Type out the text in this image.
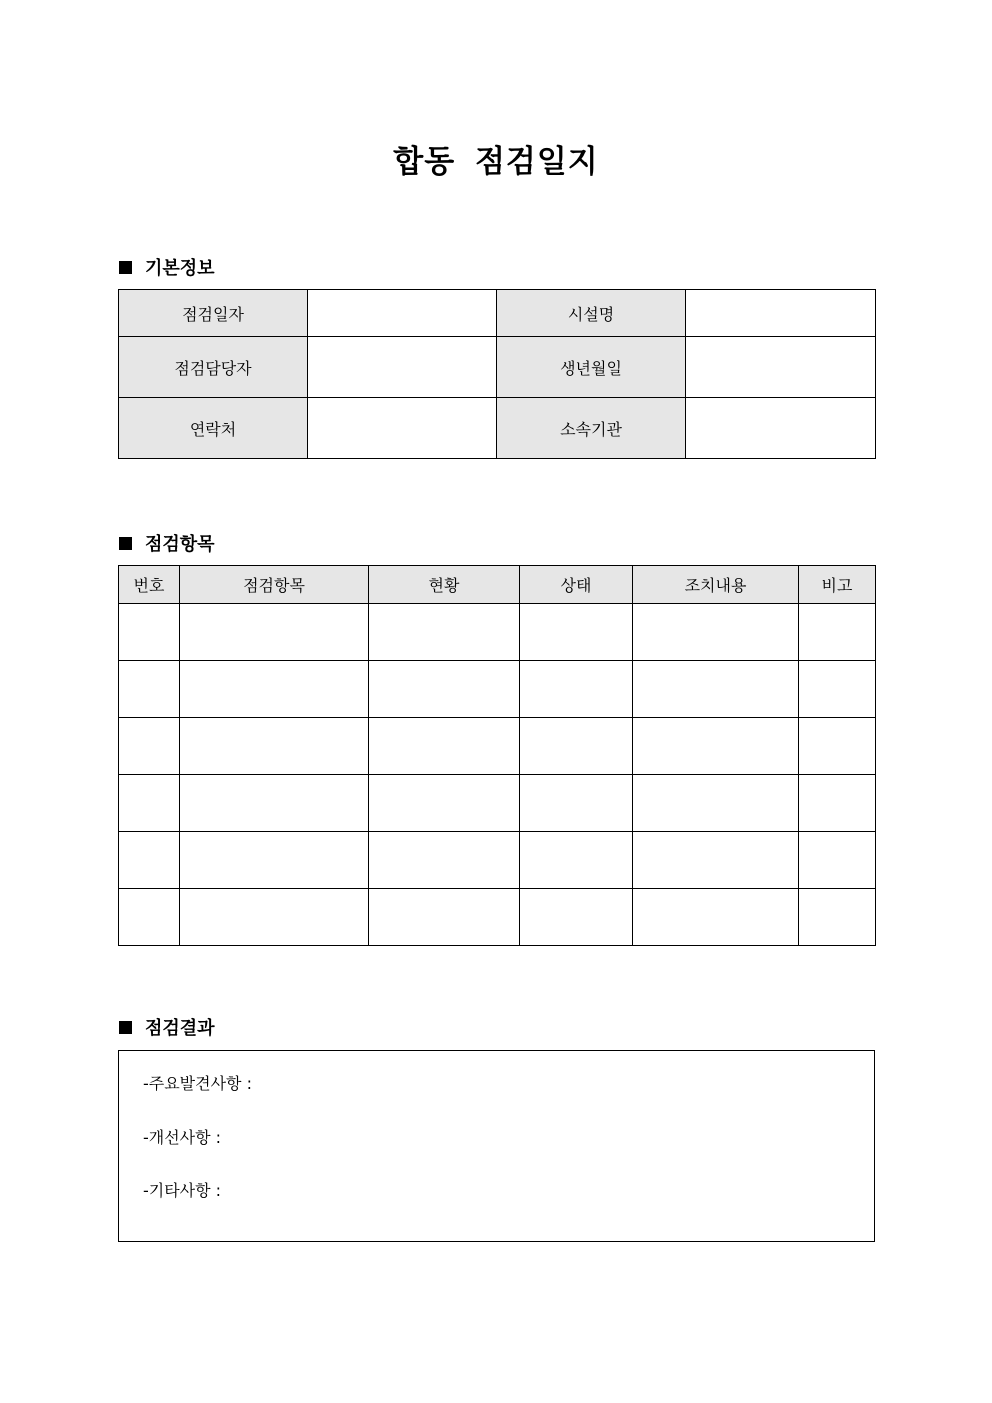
합동 점검일지
기본정보
점검일자		시설명	
점검담당자		생년월일	
연락처		소속기관	
점검항목
번호	점검항목	현황	상태	조치내용	비고

점검결과

-주요발견사항 :

-개선사항 :

-기타사항 :
